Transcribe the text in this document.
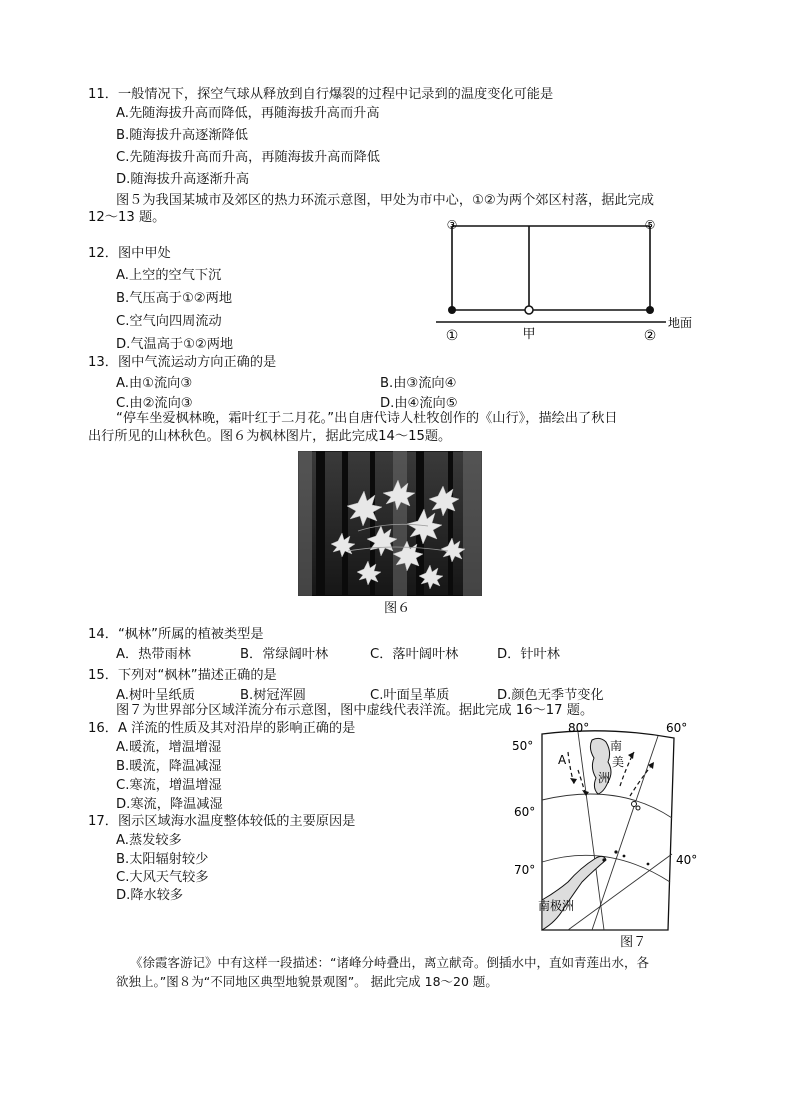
11．一般情况下，探空气球从释放到自行爆裂的过程中记录到的温度变化可能是
A.先随海拔升高而降低，再随海拔升高而升高
B.随海拔升高逐渐降低
C.先随海拔升高而升高，再随海拔升高而降低
D.随海拔升高逐渐升高
图５为我国某城市及郊区的热力环流示意图，甲处为市中心，①②为两个郊区村落，据此完成
12～13 题。	③	⑤
①	甲	②
地面
12．图中甲处
A.上空的空气下沉
B.气压高于①②两地
C.空气向四周流动
D.气温高于①②两地
13．图中气流运动方向正确的是
A.由①流向③	B.由③流向④
C.由②流向③	D.由④流向⑤
“停车坐爱枫林晚，霜叶红于二月花。”出自唐代诗人杜牧创作的《山行》，描绘出了秋日
出行所见的山林秋色。图６为枫林图片，据此完成14～15题。
图６
14．“枫林”所属的植被类型是
A．热带雨林	B．常绿阔叶林	C．落叶阔叶林	D．针叶林
15．下列对“枫林”描述正确的是
A.树叶呈纸质	B.树冠浑圆	C.叶面呈革质	D.颜色无季节变化
图７为世界部分区域洋流分布示意图，图中虚线代表洋流。据此完成 16～17 题。
16．A 洋流的性质及其对沿岸的影响正确的是
A.暖流，增温增湿
B.暖流，降温减湿
C.寒流，增温增湿
D.寒流，降温减湿
17．图示区域海水温度整体较低的主要原因是
A.蒸发较多
B.太阳辐射较少
C.大风天气较多
D.降水较多
50°
60°
70°
80°	60°
40°
A
南
美
洲
南极洲
图７
《徐霞客游记》中有这样一段描述：“诸峰分峙叠出，离立献奇。倒插水中，直如青莲出水，各
欲独上。”图８为“不同地区典型地貌景观图”。 据此完成 18～20 题。
